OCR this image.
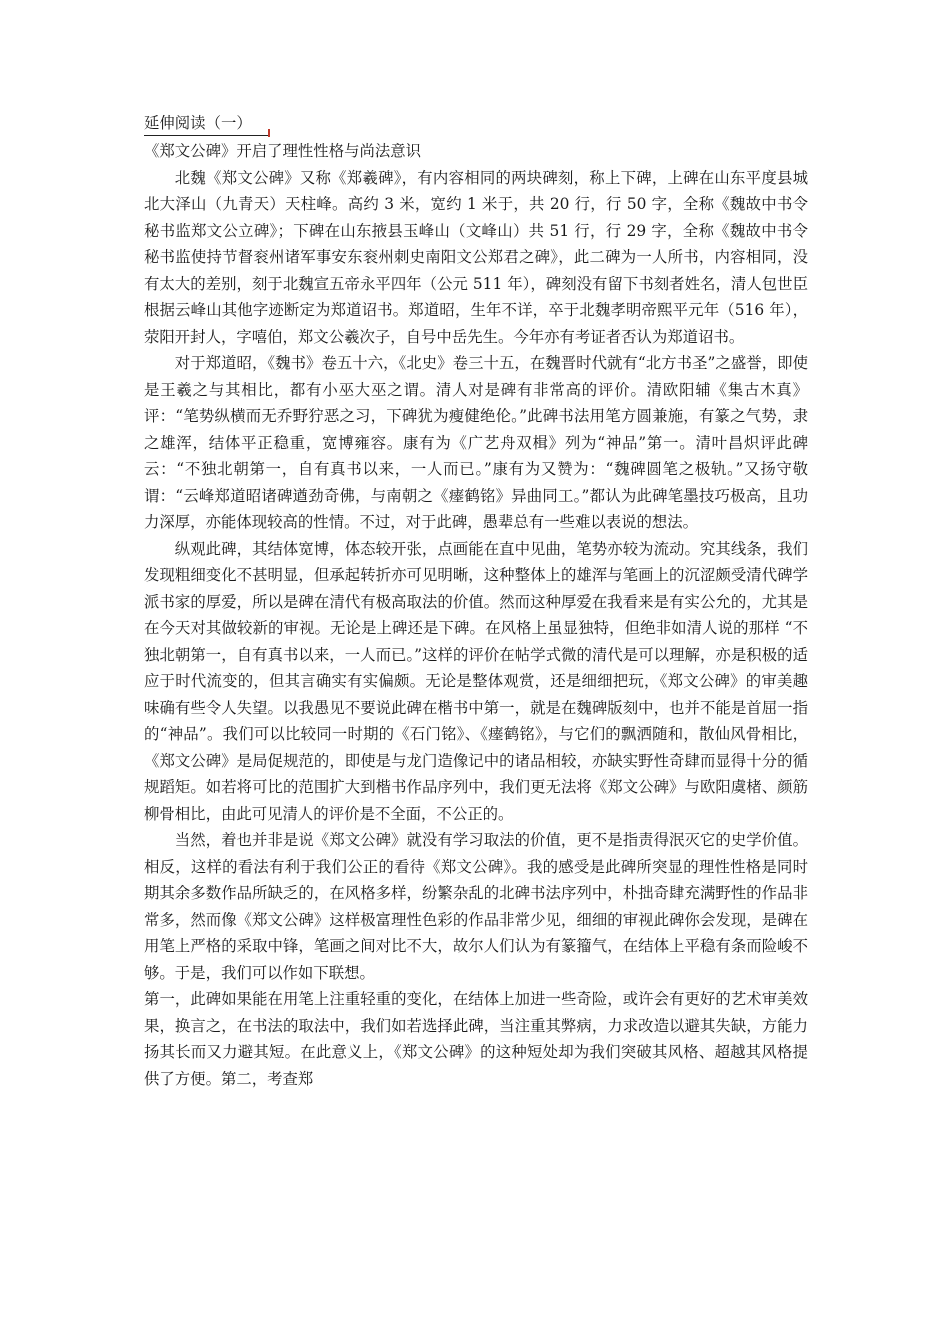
延伸阅读（一）

《郑文公碑》开启了理性性格与尚法意识

北魏《郑文公碑》又称《郑羲碑》，有内容相同的两块碑刻，称上下碑，上碑在山东平度县城北大泽山（九青天）天柱峰。高约 3 米，宽约 1 米于，共 20 行，行 50 字，全称《魏故中书令秘书监郑文公立碑》；下碑在山东掖县玉峰山（文峰山）共 51 行，行 29 字，全称《魏故中书令秘书监使持节督衮州诸军事安东衮州刺史南阳文公郑君之碑》，此二碑为一人所书，内容相同，没有太大的差别，刻于北魏宣五帝永平四年（公元 511 年），碑刻没有留下书刻者姓名，清人包世臣根据云峰山其他字迹断定为郑道诏书。郑道昭，生年不详，卒于北魏孝明帝熙平元年（516 年），荥阳开封人，字嘻伯，郑文公羲次子，自号中岳先生。今年亦有考证者否认为郑道诏书。

对于郑道昭，《魏书》卷五十六，《北史》卷三十五，在魏晋时代就有“北方书圣”之盛誉，即使是王羲之与其相比，都有小巫大巫之谓。清人对是碑有非常高的评价。清欧阳辅《集古木真》评：“笔势纵横而无乔野狞恶之习，下碑犹为瘦健绝伦。”此碑书法用笔方圆兼施，有篆之气势，隶之雄浑，结体平正稳重，宽博雍容。康有为《广艺舟双楫》列为“神品”第一。清叶昌炽评此碑云：“不独北朝第一，自有真书以来，一人而已。”康有为又赞为：“魏碑圆笔之极轨。”又扬守敬谓：“云峰郑道昭诸碑遒劲奇佛，与南朝之《瘗鹤铭》异曲同工。”都认为此碑笔墨技巧极高，且功力深厚，亦能体现较高的性情。不过，对于此碑，愚辈总有一些难以表说的想法。

纵观此碑，其结体宽博，体态较开张，点画能在直中见曲，笔势亦较为流动。究其线条，我们发现粗细变化不甚明显，但承起转折亦可见明晰，这种整体上的雄浑与笔画上的沉涩颇受清代碑学派书家的厚爱，所以是碑在清代有极高取法的价值。然而这种厚爱在我看来是有实公允的，尤其是在今天对其做较新的审视。无论是上碑还是下碑。在风格上虽显独特，但绝非如清人说的那样 “不独北朝第一，自有真书以来，一人而已。”这样的评价在帖学式微的清代是可以理解，亦是积极的适应于时代流变的，但其言确实有实偏颇。无论是整体观赏，还是细细把玩，《郑文公碑》的审美趣味确有些令人失望。以我愚见不要说此碑在楷书中第一，就是在魏碑版刻中，也并不能是首屈一指的“神品”。我们可以比较同一时期的《石门铭》、《瘗鹤铭》，与它们的飘洒随和，散仙风骨相比，《郑文公碑》是局促规范的，即使是与龙门造像记中的诸品相较，亦缺实野性奇肆而显得十分的循规蹈矩。如若将可比的范围扩大到楷书作品序列中，我们更无法将《郑文公碑》与欧阳虞楮、颜筋柳骨相比，由此可见清人的评价是不全面，不公正的。

当然，着也并非是说《郑文公碑》就没有学习取法的价值，更不是指责得泯灭它的史学价值。相反，这样的看法有利于我们公正的看待《郑文公碑》。我的感受是此碑所突显的理性性格是同时期其余多数作品所缺乏的，在风格多样，纷繁杂乱的北碑书法序列中，朴拙奇肆充满野性的作品非常多，然而像《郑文公碑》这样极富理性色彩的作品非常少见，细细的审视此碑你会发现，是碑在用笔上严格的采取中锋，笔画之间对比不大，故尔人们认为有篆籀气，在结体上平稳有条而险峻不够。于是，我们可以作如下联想。

第一，此碑如果能在用笔上注重轻重的变化，在结体上加进一些奇险，或许会有更好的艺术审美效果，换言之，在书法的取法中，我们如若选择此碑，当注重其弊病，力求改造以避其失缺，方能力扬其长而又力避其短。在此意义上，《郑文公碑》的这种短处却为我们突破其风格、超越其风格提供了方便。第二，考查郑
